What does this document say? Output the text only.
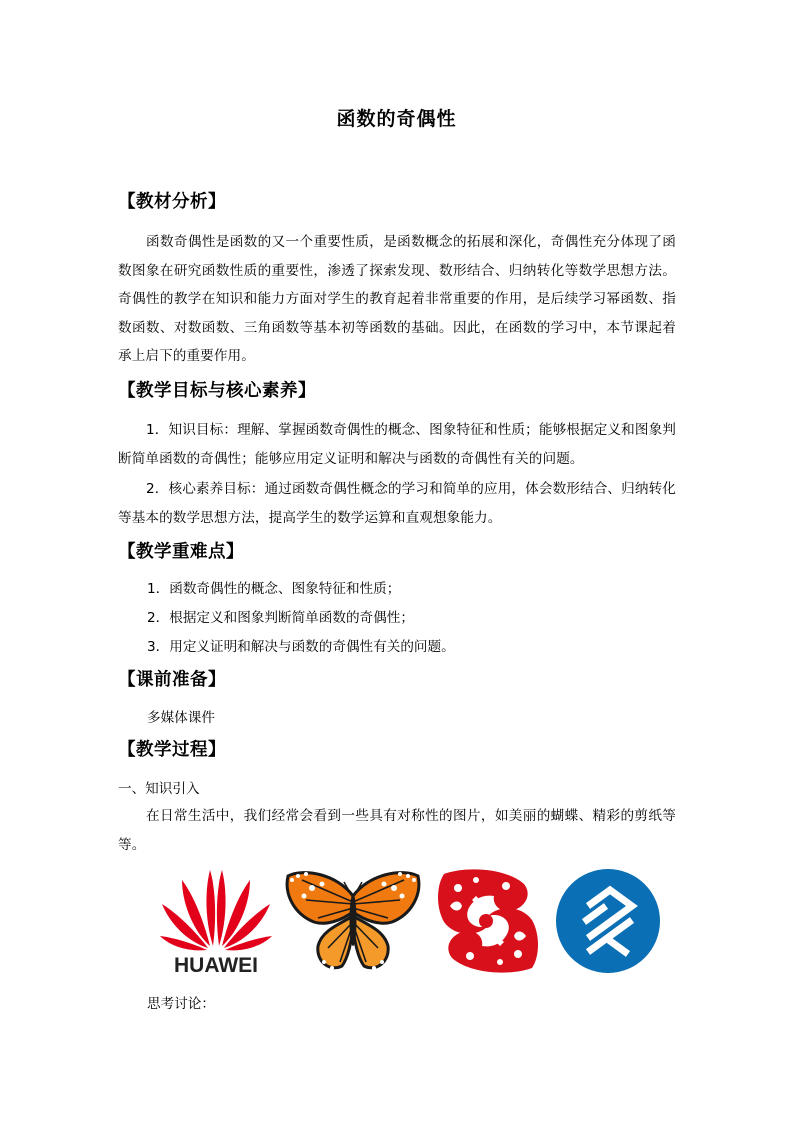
函数的奇偶性
【教材分析】
函数奇偶性是函数的又一个重要性质，是函数概念的拓展和深化，奇偶性充分体现了函数图象在研究函数性质的重要性，渗透了探索发现、数形结合、归纳转化等数学思想方法。奇偶性的教学在知识和能力方面对学生的教育起着非常重要的作用，是后续学习幂函数、指数函数、对数函数、三角函数等基本初等函数的基础。因此，在函数的学习中，本节课起着承上启下的重要作用。
【教学目标与核心素养】
1．知识目标：理解、掌握函数奇偶性的概念、图象特征和性质；能够根据定义和图象判断简单函数的奇偶性；能够应用定义证明和解决与函数的奇偶性有关的问题。
2．核心素养目标：通过函数奇偶性概念的学习和简单的应用，体会数形结合、归纳转化等基本的数学思想方法，提高学生的数学运算和直观想象能力。
【教学重难点】
1．函数奇偶性的概念、图象特征和性质；
2．根据定义和图象判断简单函数的奇偶性；
3．用定义证明和解决与函数的奇偶性有关的问题。
【课前准备】
多媒体课件
【教学过程】
一、知识引入
在日常生活中，我们经常会看到一些具有对称性的图片，如美丽的蝴蝶、精彩的剪纸等等。
HUAWEI
思考讨论：
